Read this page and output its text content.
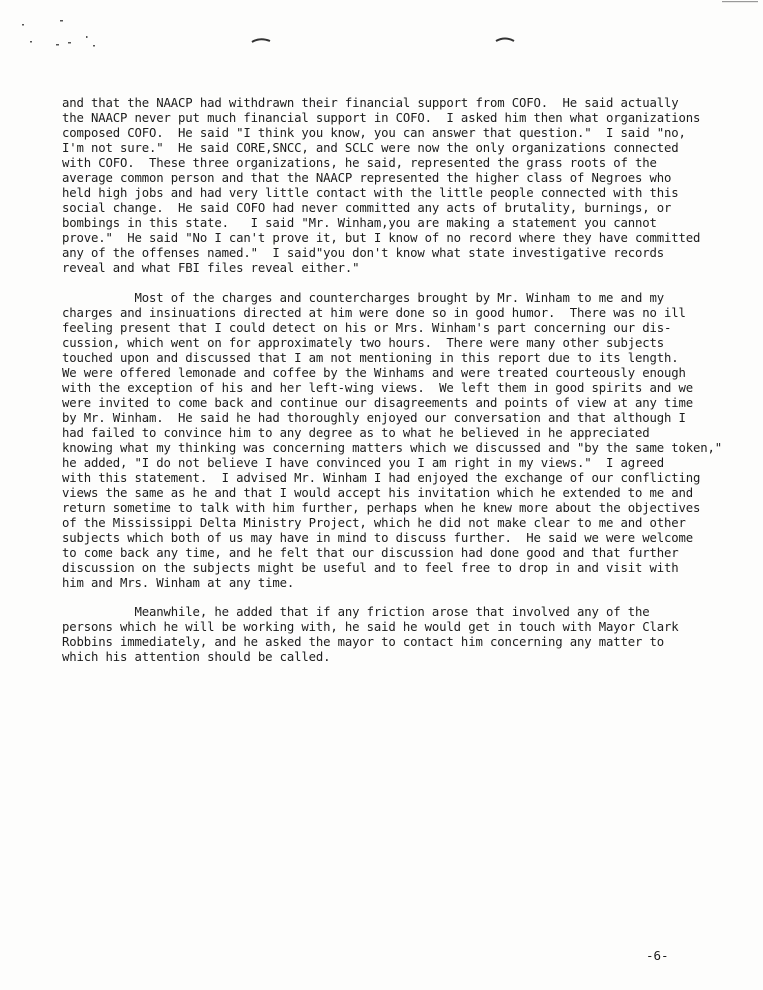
and that the NAACP had withdrawn their financial support from COFO.  He said actually
the NAACP never put much financial support in COFO.  I asked him then what organizations
composed COFO.  He said "I think you know, you can answer that question."  I said "no,
I'm not sure."  He said CORE,SNCC, and SCLC were now the only organizations connected
with COFO.  These three organizations, he said, represented the grass roots of the
average common person and that the NAACP represented the higher class of Negroes who
held high jobs and had very little contact with the little people connected with this
social change.  He said COFO had never committed any acts of brutality, burnings, or
bombings in this state.   I said "Mr. Winham,you are making a statement you cannot
prove."  He said "No I can't prove it, but I know of no record where they have committed
any of the offenses named."  I said"you don't know what state investigative records
reveal and what FBI files reveal either."

Most of the charges and countercharges brought by Mr. Winham to me and my
charges and insinuations directed at him were done so in good humor.  There was no ill
feeling present that I could detect on his or Mrs. Winham's part concerning our dis-
cussion, which went on for approximately two hours.  There were many other subjects
touched upon and discussed that I am not mentioning in this report due to its length.
We were offered lemonade and coffee by the Winhams and were treated courteously enough
with the exception of his and her left-wing views.  We left them in good spirits and we
were invited to come back and continue our disagreements and points of view at any time
by Mr. Winham.  He said he had thoroughly enjoyed our conversation and that although I
had failed to convince him to any degree as to what he believed in he appreciated
knowing what my thinking was concerning matters which we discussed and "by the same token,"
he added, "I do not believe I have convinced you I am right in my views."  I agreed
with this statement.  I advised Mr. Winham I had enjoyed the exchange of our conflicting
views the same as he and that I would accept his invitation which he extended to me and
return sometime to talk with him further, perhaps when he knew more about the objectives
of the Mississippi Delta Ministry Project, which he did not make clear to me and other
subjects which both of us may have in mind to discuss further.  He said we were welcome
to come back any time, and he felt that our discussion had done good and that further
discussion on the subjects might be useful and to feel free to drop in and visit with
him and Mrs. Winham at any time.

Meanwhile, he added that if any friction arose that involved any of the
persons which he will be working with, he said he would get in touch with Mayor Clark
Robbins immediately, and he asked the mayor to contact him concerning any matter to
which his attention should be called.

-6-
